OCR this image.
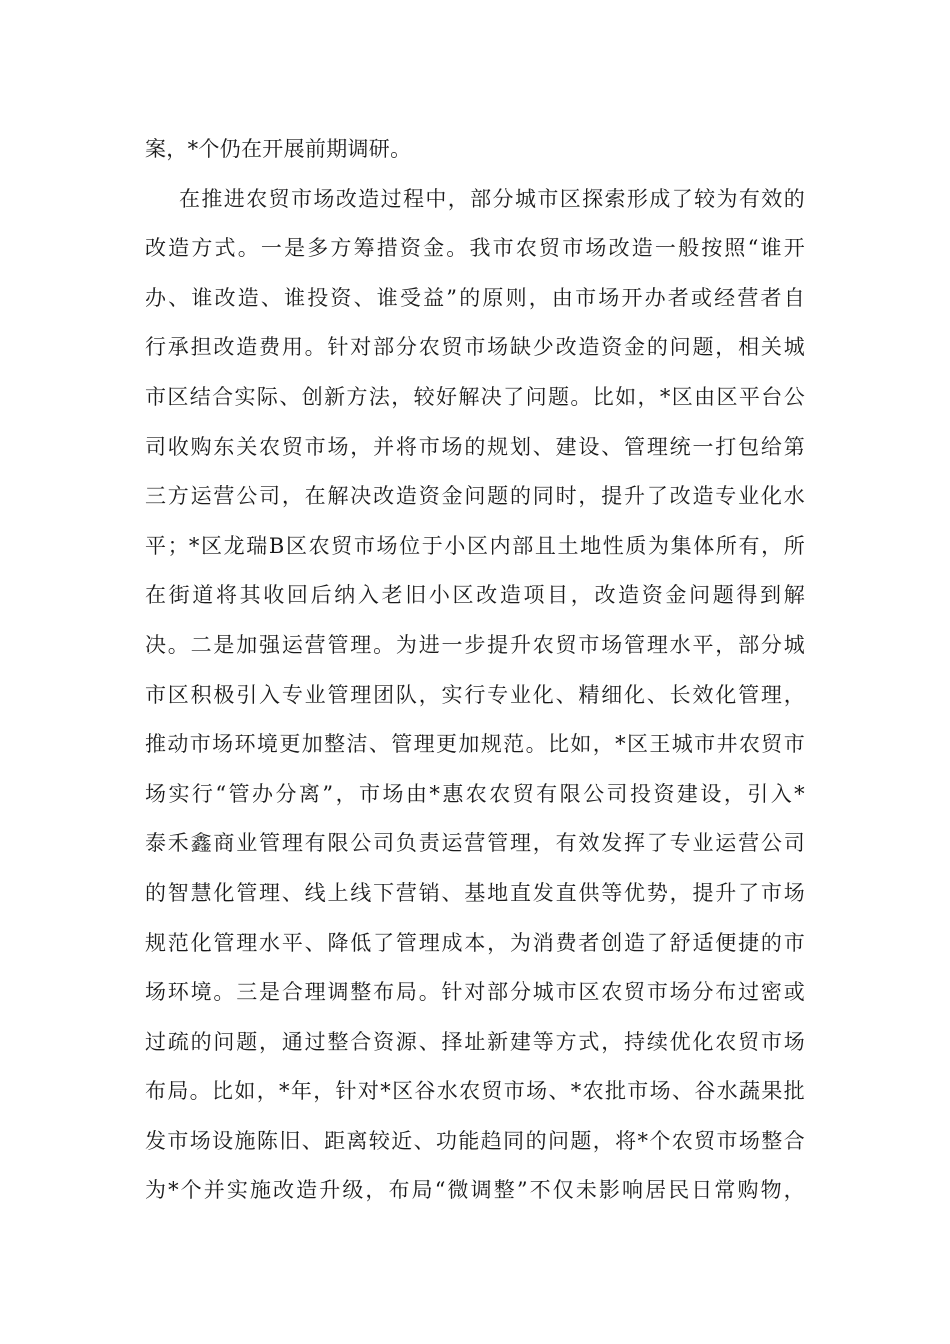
案，*个仍在开展前期调研。
在推进农贸市场改造过程中，部分城市区探索形成了较为有效的
改造方式。一是多方筹措资金。我市农贸市场改造一般按照“谁开
办、谁改造、谁投资、谁受益”的原则，由市场开办者或经营者自
行承担改造费用。针对部分农贸市场缺少改造资金的问题，相关城
市区结合实际、创新方法，较好解决了问题。比如，*区由区平台公
司收购东关农贸市场，并将市场的规划、建设、管理统一打包给第
三方运营公司，在解决改造资金问题的同时，提升了改造专业化水
平；*区龙瑞B区农贸市场位于小区内部且土地性质为集体所有，所
在街道将其收回后纳入老旧小区改造项目，改造资金问题得到解
决。二是加强运营管理。为进一步提升农贸市场管理水平，部分城
市区积极引入专业管理团队，实行专业化、精细化、长效化管理，
推动市场环境更加整洁、管理更加规范。比如，*区王城市井农贸市
场实行“管办分离”，市场由*惠农农贸有限公司投资建设，引入*
泰禾鑫商业管理有限公司负责运营管理，有效发挥了专业运营公司
的智慧化管理、线上线下营销、基地直发直供等优势，提升了市场
规范化管理水平、降低了管理成本，为消费者创造了舒适便捷的市
场环境。三是合理调整布局。针对部分城市区农贸市场分布过密或
过疏的问题，通过整合资源、择址新建等方式，持续优化农贸市场
布局。比如，*年，针对*区谷水农贸市场、*农批市场、谷水蔬果批
发市场设施陈旧、距离较近、功能趋同的问题，将*个农贸市场整合
为*个并实施改造升级，布局“微调整”不仅未影响居民日常购物，
